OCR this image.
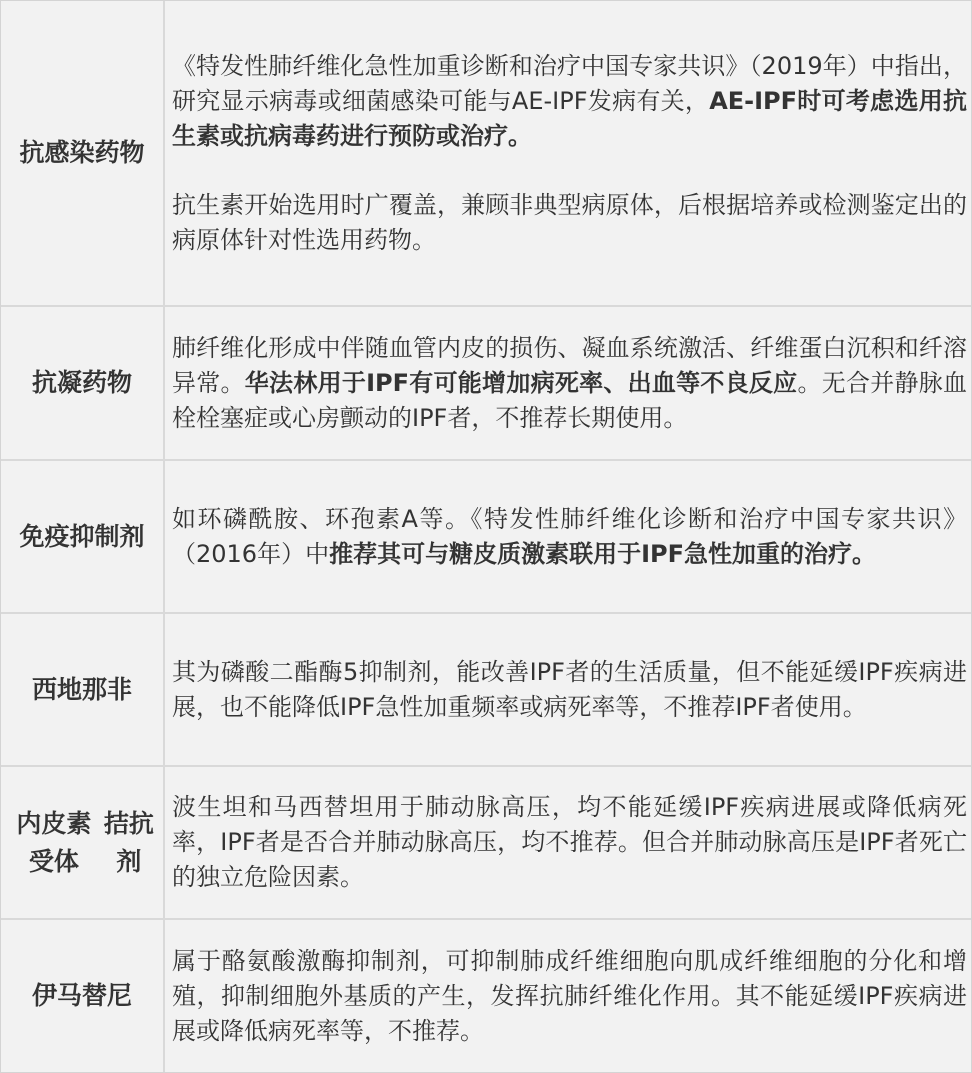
抗感染药物

《特发性肺纤维化急性加重诊断和治疗中国专家共识》（2019年）中指出，研究显示病毒或细菌感染可能与AE-IPF发病有关，AE-IPF时可考虑选用抗生素或抗病毒药进行预防或治疗。

抗生素开始选用时广覆盖，兼顾非典型病原体，后根据培养或检测鉴定出的病原体针对性选用药物。

抗凝药物

肺纤维化形成中伴随血管内皮的损伤、凝血系统激活、纤维蛋白沉积和纤溶异常。华法林用于IPF有可能增加病死率、出血等不良反应。无合并静脉血栓栓塞症或心房颤动的IPF者，不推荐长期使用。

免疫抑制剂

如环磷酰胺、环孢素A等。《特发性肺纤维化诊断和治疗中国专家共识》（2016年）中推荐其可与糖皮质激素联用于IPF急性加重的治疗。

西地那非

其为磷酸二酯酶5抑制剂，能改善IPF者的生活质量，但不能延缓IPF疾病进展，也不能降低IPF急性加重频率或病死率等，不推荐IPF者使用。

内皮素受体

拮抗剂

波生坦和马西替坦用于肺动脉高压，均不能延缓IPF疾病进展或降低病死率，IPF者是否合并肺动脉高压，均不推荐。但合并肺动脉高压是IPF者死亡的独立危险因素。

伊马替尼

属于酪氨酸激酶抑制剂，可抑制肺成纤维细胞向肌成纤维细胞的分化和增殖，抑制细胞外基质的产生，发挥抗肺纤维化作用。其不能延缓IPF疾病进展或降低病死率等，不推荐。
